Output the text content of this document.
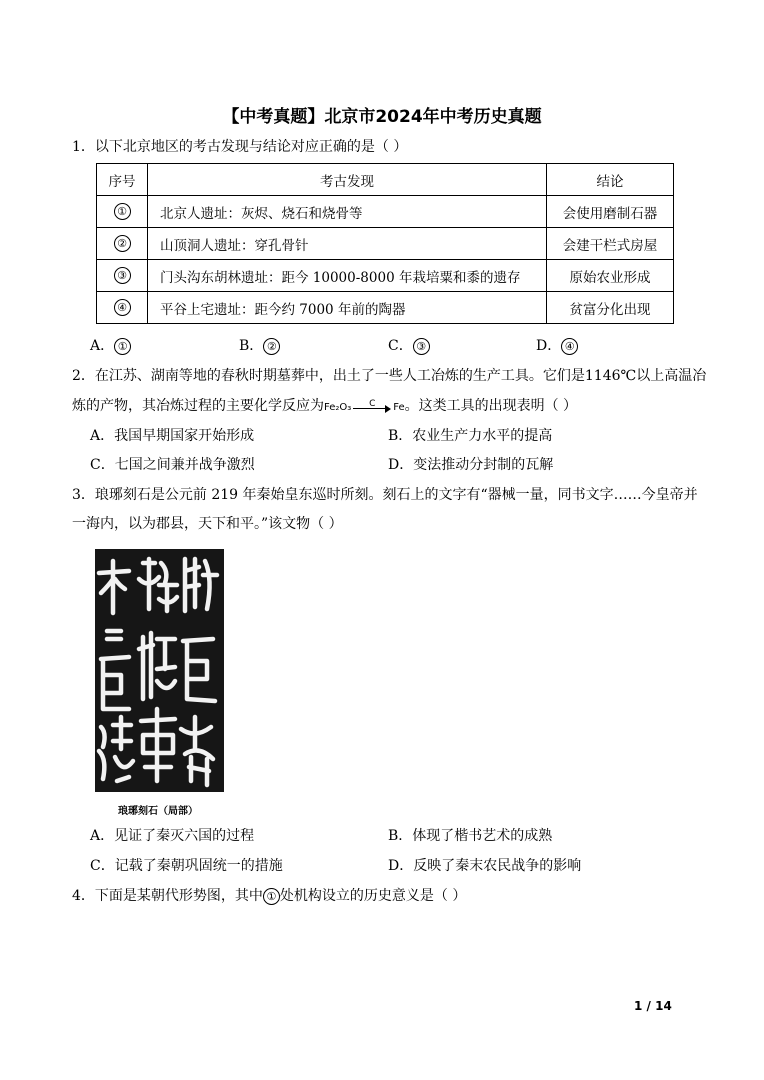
【中考真题】北京市2024年中考历史真题
1．以下北京地区的考古发现与结论对应正确的是（ ）
序号	考古发现	结论
①	北京人遗址：灰烬、烧石和烧骨等	会使用磨制石器
②	山顶洞人遗址：穿孔骨针	会建干栏式房屋
③	门头沟东胡林遗址：距今 10000-8000 年栽培粟和黍的遗存	原始农业形成
④	平谷上宅遗址：距今约 7000 年前的陶器	贫富分化出现
A． ①	B． ②	C． ③	D． ④
2．在江苏、湖南等地的春秋时期墓葬中，出土了一些人工冶炼的生产工具。它们是1146℃以上高温冶
炼的产物，其冶炼过程的主要化学反应为Fe₂O₃	C	Fe。这类工具的出现表明（ ）
A．我国早期国家开始形成	B．农业生产力水平的提高
C．七国之间兼并战争激烈	D．变法推动分封制的瓦解
3．琅琊刻石是公元前 219 年秦始皇东巡时所刻。刻石上的文字有“器械一量，同书文字……今皇帝并
一海内，以为郡县，天下和平。”该文物（ ）
琅琊刻石（局部）
A．见证了秦灭六国的过程	B．体现了楷书艺术的成熟
C．记载了秦朝巩固统一的措施	D．反映了秦末农民战争的影响
4．下面是某朝代形势图，其中 ① 处机构设立的历史意义是（ ）
1 / 14
